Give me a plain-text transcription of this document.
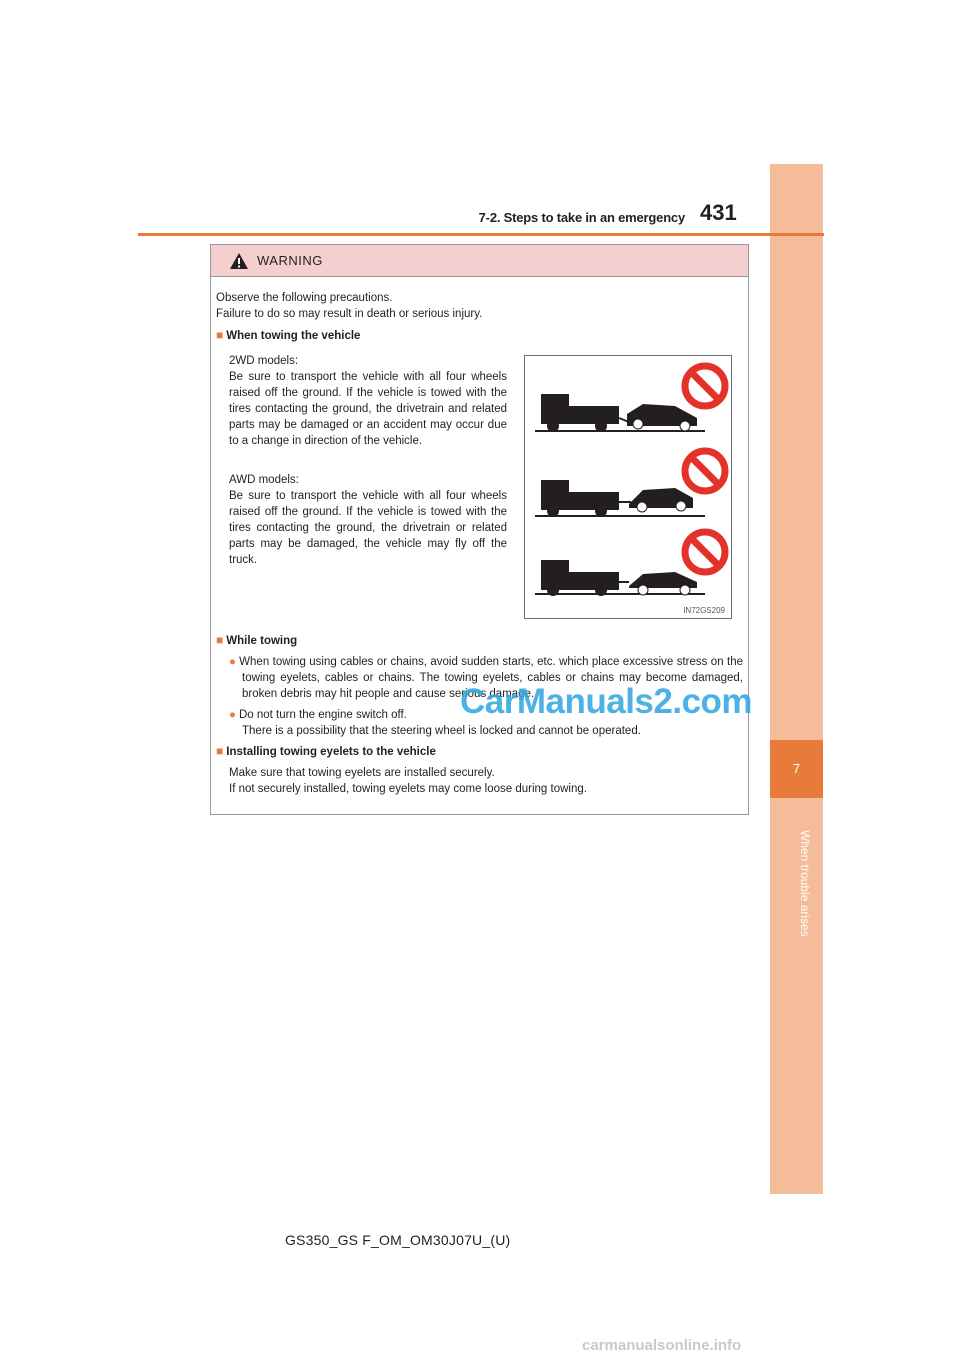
7
When trouble arises
7-2. Steps to take in an emergency 431
WARNING
Observe the following precautions.
Failure to do so may result in death or serious injury.
■ When towing the vehicle
2WD models:
Be sure to transport the vehicle with all four wheels raised off the ground. If the vehicle is towed with the tires contacting the ground, the drivetrain and related parts may be damaged or an accident may occur due to a change in direction of the vehicle.
AWD models:
Be sure to transport the vehicle with all four wheels raised off the ground. If the vehicle is towed with the tires contacting the ground, the drivetrain or related parts may be damaged, the vehicle may fly off the truck.
IN72GS209
■ While towing
● When towing using cables or chains, avoid sudden starts, etc. which place excessive stress on the towing eyelets, cables or chains. The towing eyelets, cables or chains may become damaged, broken debris may hit people and cause serious damage.
● Do not turn the engine switch off.
There is a possibility that the steering wheel is locked and cannot be operated.
■ Installing towing eyelets to the vehicle
Make sure that towing eyelets are installed securely.
If not securely installed, towing eyelets may come loose during towing.
CarManuals2.com
GS350_GS F_OM_OM30J07U_(U)
carmanualsonline.info
